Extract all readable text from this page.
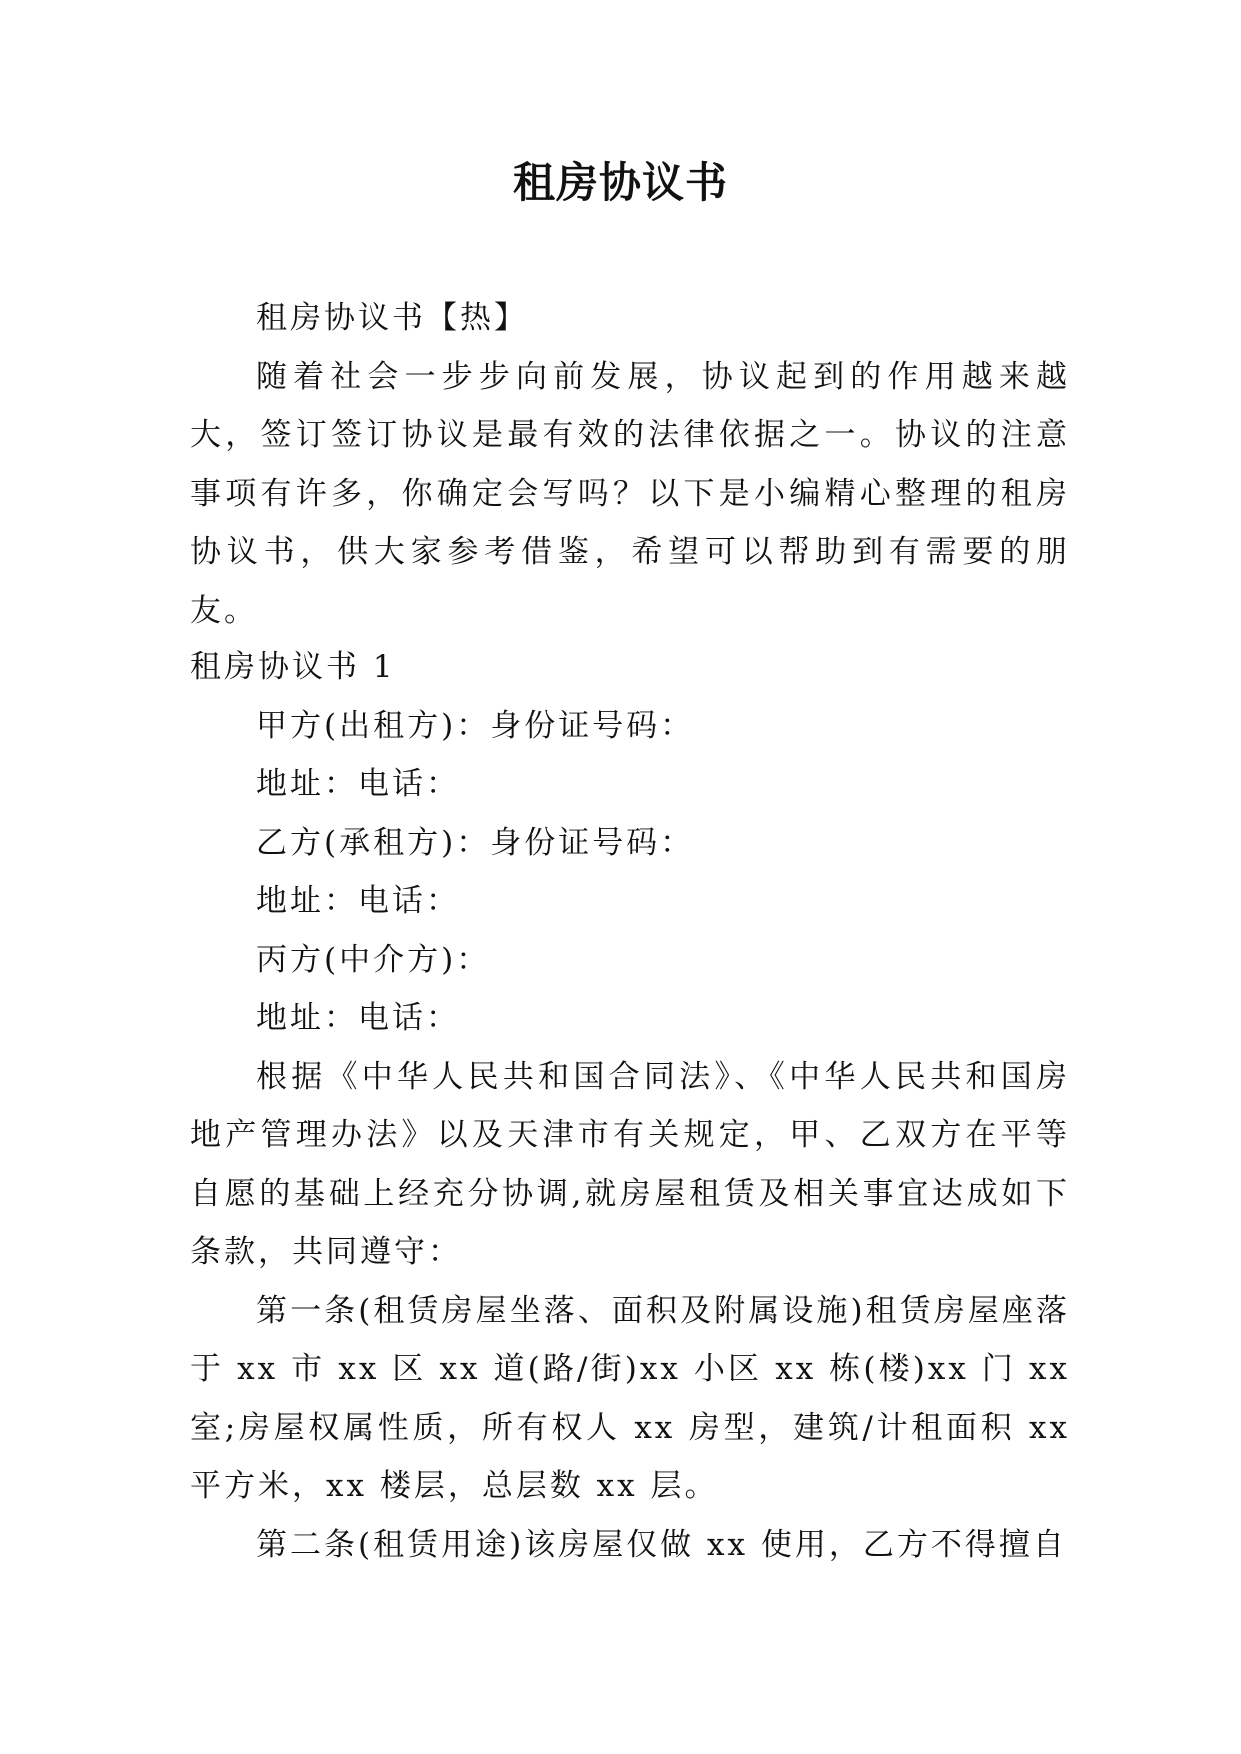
租房协议书

租房协议书【热】

随着社会一步步向前发展，协议起到的作用越来越大，签订签订协议是最有效的法律依据之一。协议的注意事项有许多，你确定会写吗？以下是小编精心整理的租房协议书，供大家参考借鉴，希望可以帮助到有需要的朋友。

租房协议书 1

甲方(出租方)：身份证号码：

地址：电话：

乙方(承租方)：身份证号码：

地址：电话：

丙方(中介方)：

地址：电话：

根据《中华人民共和国合同法》、《中华人民共和国房地产管理办法》以及天津市有关规定，甲、乙双方在平等自愿的基础上经充分协调,就房屋租赁及相关事宜达成如下条款，共同遵守：

第一条(租赁房屋坐落、面积及附属设施)租赁房屋座落于 xx 市 xx 区 xx 道(路/街)xx 小区 xx 栋(楼)xx 门 xx 室;房屋权属性质，所有权人 xx 房型，建筑/计租面积 xx 平方米，xx 楼层，总层数 xx 层。

第二条(租赁用途)该房屋仅做 xx 使用，乙方不得擅自
